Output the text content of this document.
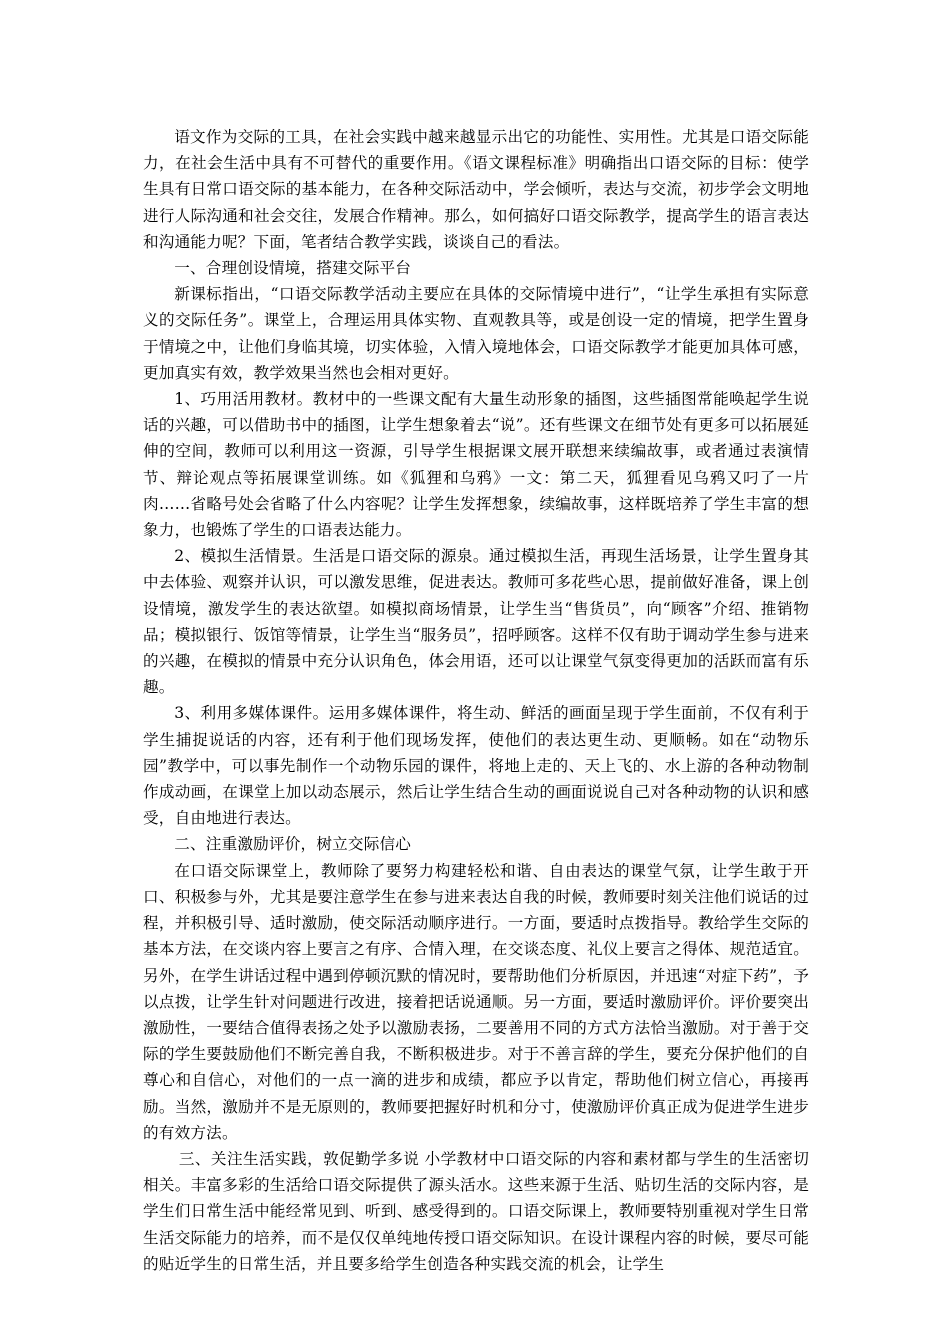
语文作为交际的工具，在社会实践中越来越显示出它的功能性、实用性。尤其是口语交际能力，在社会生活中具有不可替代的重要作用。《语文课程标准》明确指出口语交际的目标：使学生具有日常口语交际的基本能力，在各种交际活动中，学会倾听，表达与交流，初步学会文明地进行人际沟通和社会交往，发展合作精神。那么，如何搞好口语交际教学，提高学生的语言表达和沟通能力呢？下面，笔者结合教学实践，谈谈自己的看法。

一、合理创设情境，搭建交际平台

新课标指出，“口语交际教学活动主要应在具体的交际情境中进行”，“让学生承担有实际意义的交际任务”。课堂上，合理运用具体实物、直观教具等，或是创设一定的情境，把学生置身于情境之中，让他们身临其境，切实体验，入情入境地体会，口语交际教学才能更加具体可感，更加真实有效，教学效果当然也会相对更好。

1、巧用活用教材。教材中的一些课文配有大量生动形象的插图，这些插图常能唤起学生说话的兴趣，可以借助书中的插图，让学生想象着去“说”。还有些课文在细节处有更多可以拓展延伸的空间，教师可以利用这一资源，引导学生根据课文展开联想来续编故事，或者通过表演情节、辩论观点等拓展课堂训练。如《狐狸和乌鸦》一文：第二天，狐狸看见乌鸦又叼了一片肉……省略号处会省略了什么内容呢？让学生发挥想象，续编故事，这样既培养了学生丰富的想象力，也锻炼了学生的口语表达能力。

2、模拟生活情景。生活是口语交际的源泉。通过模拟生活，再现生活场景，让学生置身其中去体验、观察并认识，可以激发思维，促进表达。教师可多花些心思，提前做好准备，课上创设情境，激发学生的表达欲望。如模拟商场情景，让学生当“售货员”，向“顾客”介绍、推销物品；模拟银行、饭馆等情景，让学生当“服务员”，招呼顾客。这样不仅有助于调动学生参与进来的兴趣，在模拟的情景中充分认识角色，体会用语，还可以让课堂气氛变得更加的活跃而富有乐趣。

3、利用多媒体课件。运用多媒体课件，将生动、鲜活的画面呈现于学生面前，不仅有利于学生捕捉说话的内容，还有利于他们现场发挥，使他们的表达更生动、更顺畅。如在“动物乐园”教学中，可以事先制作一个动物乐园的课件，将地上走的、天上飞的、水上游的各种动物制作成动画，在课堂上加以动态展示，然后让学生结合生动的画面说说自己对各种动物的认识和感受，自由地进行表达。

二、注重激励评价，树立交际信心

在口语交际课堂上，教师除了要努力构建轻松和谐、自由表达的课堂气氛，让学生敢于开口、积极参与外，尤其是要注意学生在参与进来表达自我的时候，教师要时刻关注他们说话的过程，并积极引导、适时激励，使交际活动顺序进行。一方面，要适时点拨指导。教给学生交际的基本方法，在交谈内容上要言之有序、合情入理，在交谈态度、礼仪上要言之得体、规范适宜。另外，在学生讲话过程中遇到停顿沉默的情况时，要帮助他们分析原因，并迅速“对症下药”，予以点拨，让学生针对问题进行改进，接着把话说通顺。另一方面，要适时激励评价。评价要突出激励性，一要结合值得表扬之处予以激励表扬，二要善用不同的方式方法恰当激励。对于善于交际的学生要鼓励他们不断完善自我，不断积极进步。对于不善言辞的学生，要充分保护他们的自尊心和自信心，对他们的一点一滴的进步和成绩，都应予以肯定，帮助他们树立信心，再接再励。当然，激励并不是无原则的，教师要把握好时机和分寸，使激励评价真正成为促进学生进步的有效方法。

三、关注生活实践，敦促勤学多说 小学教材中口语交际的内容和素材都与学生的生活密切相关。丰富多彩的生活给口语交际提供了源头活水。这些来源于生活、贴切生活的交际内容，是学生们日常生活中能经常见到、听到、感受得到的。口语交际课上，教师要特别重视对学生日常生活交际能力的培养，而不是仅仅单纯地传授口语交际知识。在设计课程内容的时候，要尽可能的贴近学生的日常生活，并且要多给学生创造各种实践交流的机会，让学生
